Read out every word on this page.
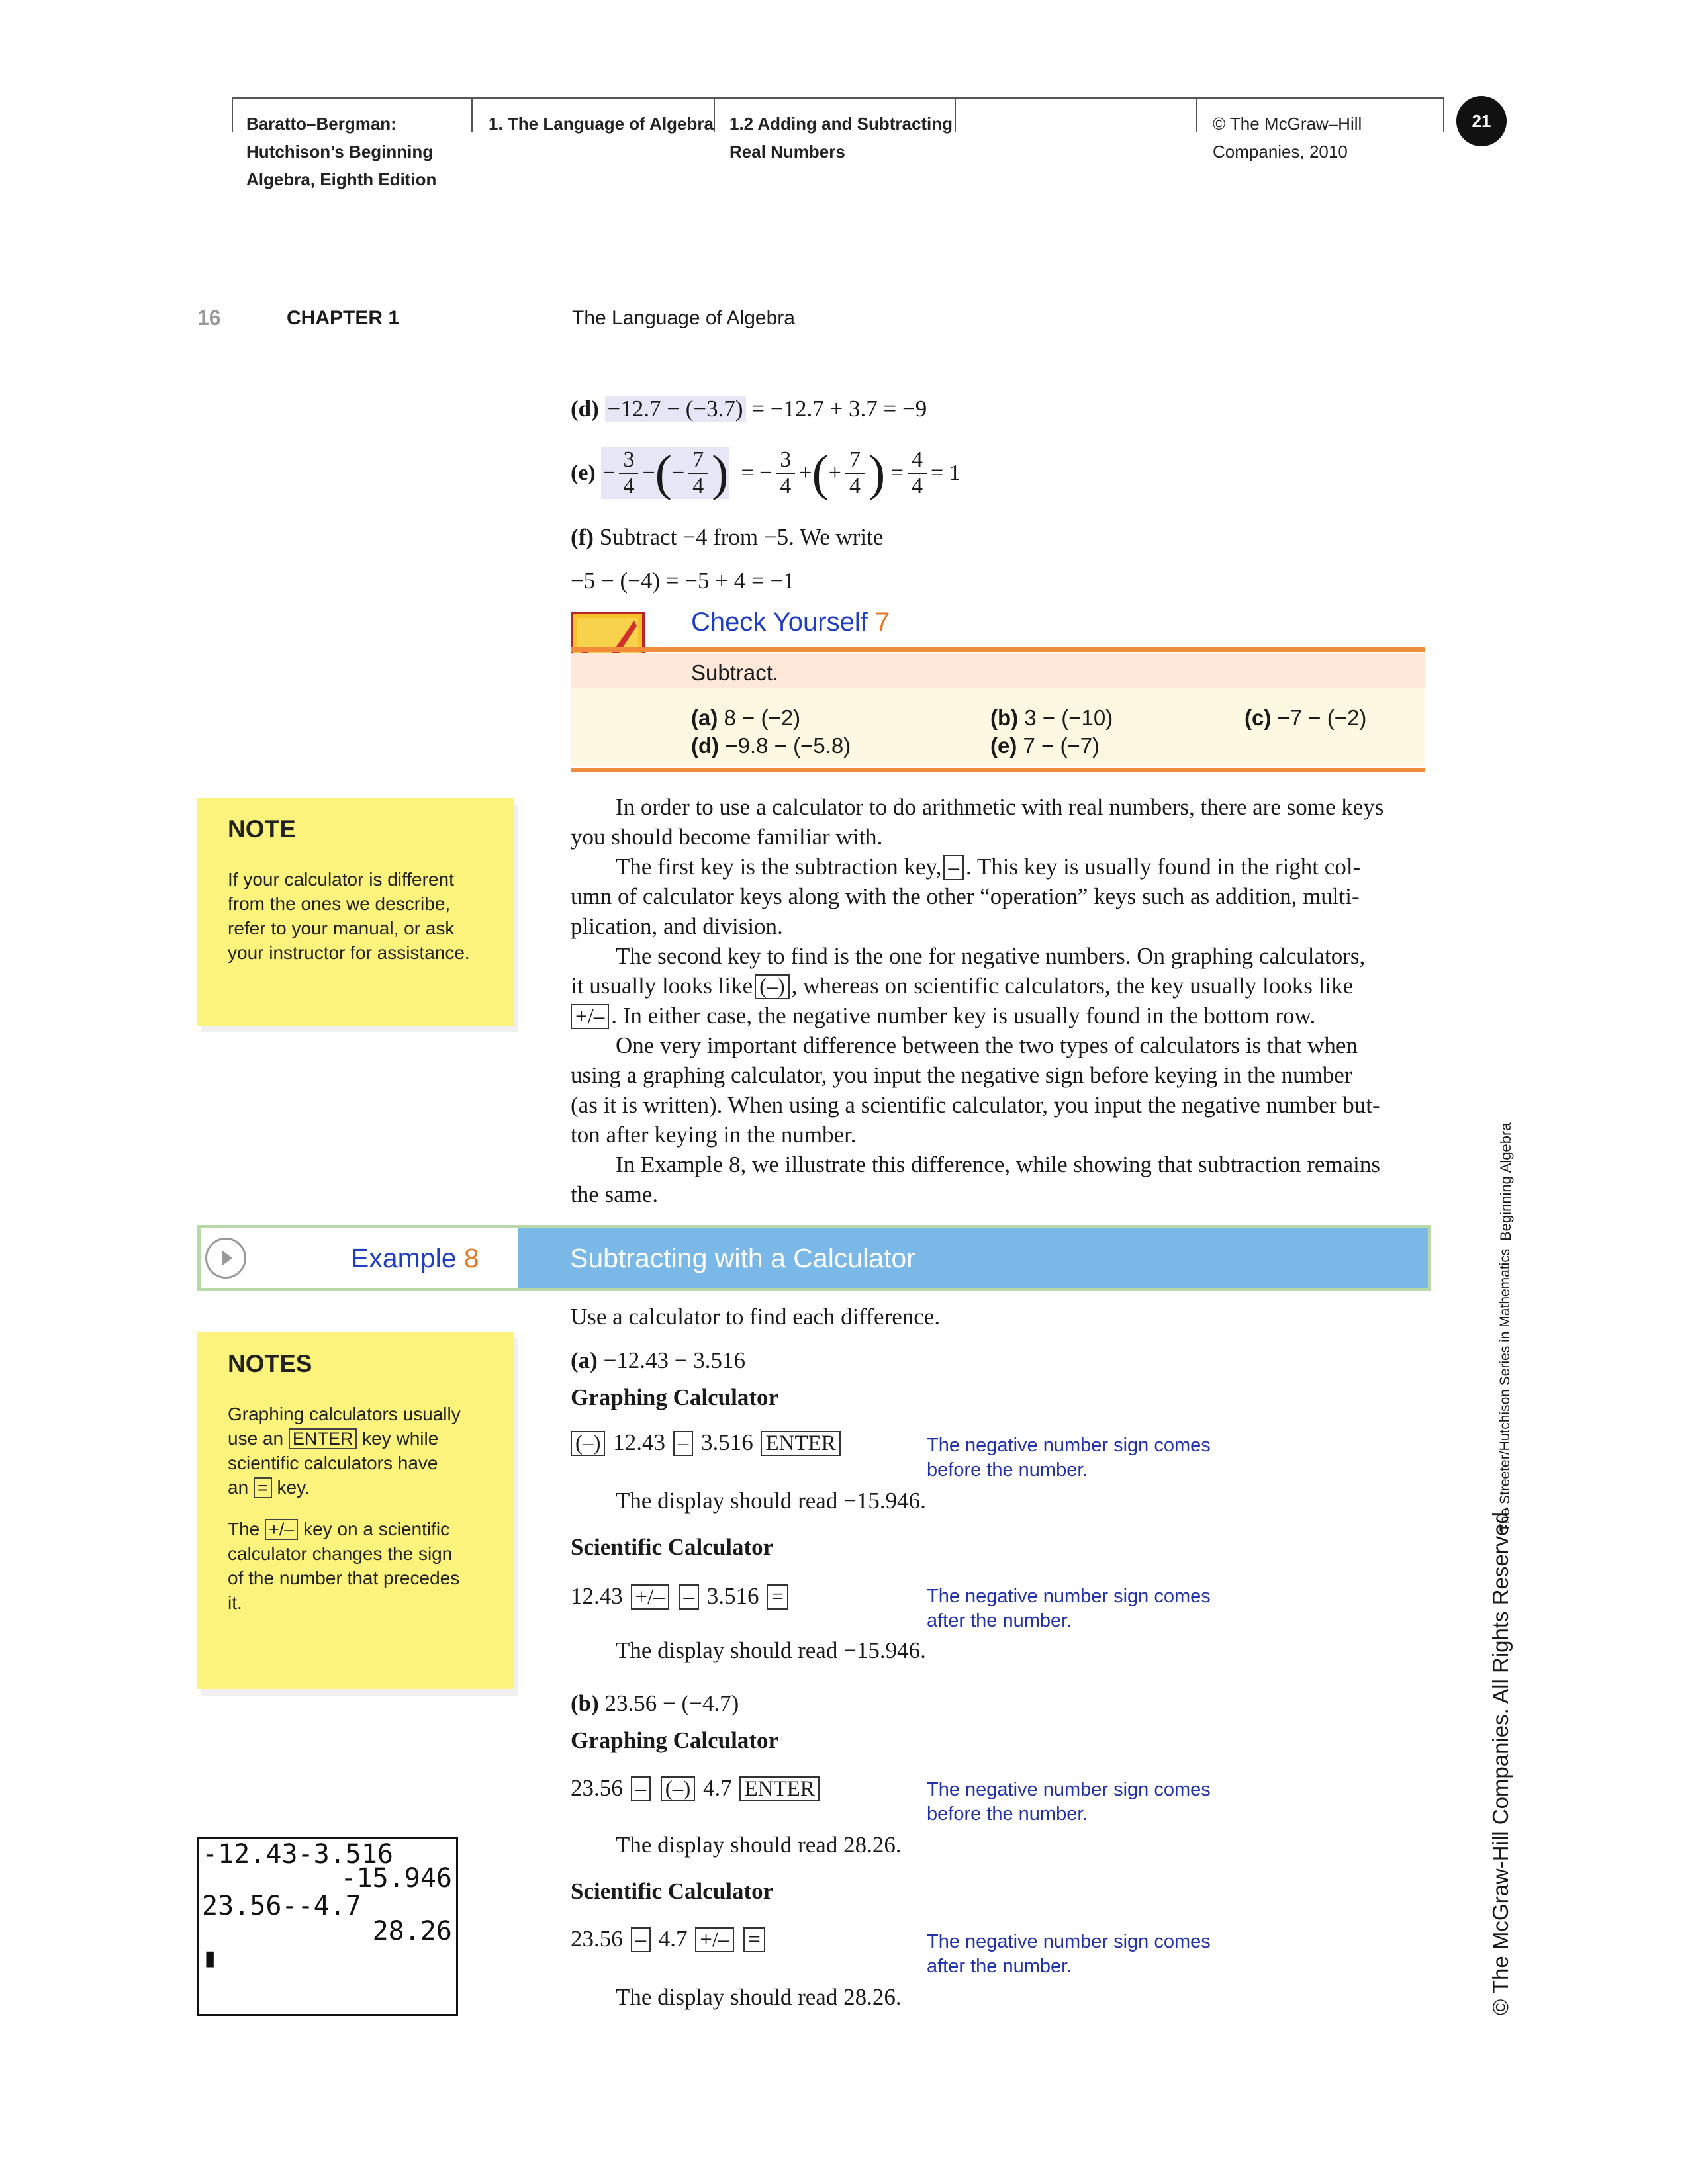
Baratto–Bergman:
Hutchison’s Beginning
Algebra, Eighth Edition
1. The Language of Algebra 1.2 Adding and Subtracting
Real Numbers
© The McGraw–Hill
Companies, 2010
21
16	CHAPTER 1	The Language of Algebra
(d) −12.7 − (−3.7) = −12.7 + 3.7 = −9
$(e) - \frac{3}{4}$ −(− $\frac{7}{4}$ )  = − $\frac{3}{4}$ +(+ $\frac{7}{4}$ ) = $\frac{4}{4} = 1$
(f) Subtract −4 from −5. We write
−5 − (−4) = −5 + 4 = −1
Check Yourself 7
Subtract.
(a) 8 − (−2)	(b) 3 − (−10)	(c) −7 − (−2)
(d) −9.8 − (−5.8)	(e) 7 − (−7)
NOTE
If your calculator is different
from the ones we describe,
refer to your manual, or ask
your instructor for assistance.
In order to use a calculator to do arithmetic with real numbers, there are some keys
you should become familiar with.
The first key is the subtraction key, – . This key is usually found in the right col-
umn of calculator keys along with the other “operation” keys such as addition, multi-
plication, and division.
The second key to find is the one for negative numbers. On graphing calculators,
it usually looks like (–) , whereas on scientific calculators, the key usually looks like
+/– . In either case, the negative number key is usually found in the bottom row.
One very important difference between the two types of calculators is that when
using a graphing calculator, you input the negative sign before keying in the number
(as it is written). When using a scientific calculator, you input the negative number but-
ton after keying in the number.
In Example 8, we illustrate this difference, while showing that subtraction remains
the same.
Example 8	Subtracting with a Calculator
Use a calculator to find each difference.
(a) −12.43 − 3.516
Graphing Calculator
(–) 12.43 – 3.516 ENTER	The negative number sign comes
before the number.
The display should read −15.946.
Scientific Calculator
12.43 +/– – 3.516 =	The negative number sign comes
after the number.
The display should read −15.946.
(b) 23.56 − (−4.7)
Graphing Calculator
23.56 – (–) 4.7 ENTER	The negative number sign comes
before the number.
The display should read 28.26.
Scientific Calculator
23.56 – 4.7 +/– =	The negative number sign comes
after the number.
The display should read 28.26.
NOTES
Graphing calculators usually
use an ENTER key while
scientific calculators have
an = key.
The +/– key on a scientific
calculator changes the sign
of the number that precedes
it.
-12.43-3.516
-15.946
23.56--4.7
28.26
▮
Beginning Algebra
The Streeter/Hutchison Series in Mathematics
© The McGraw-Hill Companies. All Rights Reserved.
